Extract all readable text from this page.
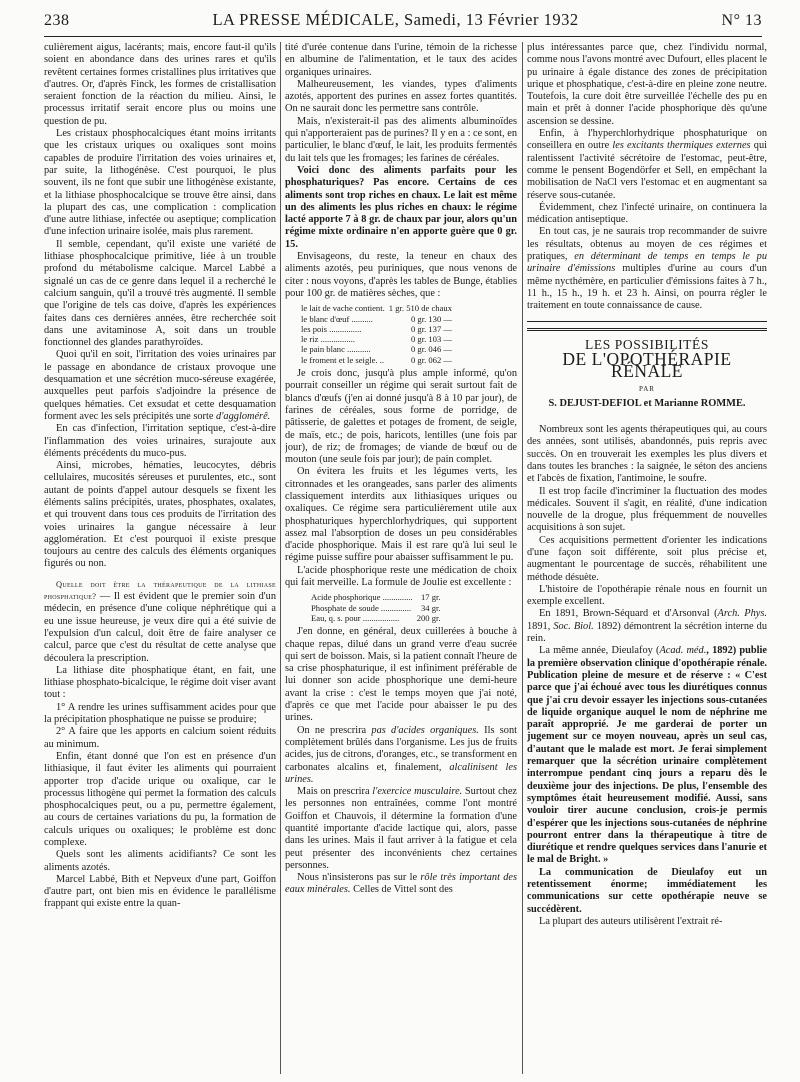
238	LA PRESSE MÉDICALE, Samedi, 13 Février 1932	N° 13

culièrement aigus, lacérants; mais, encore faut-il qu'ils soient en abondance dans des urines rares et qu'ils revêtent certaines formes cristallines plus irritatives que d'autres. Or, d'après Finck, les formes de cristallisation seraient fonction de la réaction du milieu. Ainsi, le processus irritatif serait encore plus ou moins une question de pu.

Les cristaux phosphocalciques étant moins irritants que les cristaux uriques ou oxaliques sont moins capables de produire l'irritation des voies urinaires et, par suite, la lithogénèse. C'est pourquoi, le plus souvent, ils ne font que subir une lithogénèse existante, et la lithiase phosphocalcique se trouve être ainsi, dans la plupart des cas, une complication : complication d'une autre lithiase, infectée ou aseptique; complication d'une infection urinaire isolée, mais plus rarement.

Il semble, cependant, qu'il existe une variété de lithiase phosphocalcique primitive, liée à un trouble profond du métabolisme calcique. Marcel Labbé a signalé un cas de ce genre dans lequel il a recherché le calcium sanguin, qu'il a trouvé très augmenté. Il semble que l'origine de tels cas doive, d'après les expériences faites dans ces dernières années, être recherchée soit dans une avitaminose A, soit dans un trouble fonctionnel des glandes parathyroïdes.

Quoi qu'il en soit, l'irritation des voies urinaires par le passage en abondance de cristaux provoque une desquamation et une sécrétion muco-séreuse exagérée, auxquelles peut parfois s'adjoindre la présence de quelques hématies. Cet exsudat et cette desquamation forment avec les sels précipités une sorte d'agglomérê.

En cas d'infection, l'irritation septique, c'est-à-dire l'inflammation des voies urinaires, surajoute aux éléments précédents du muco-pus.

Ainsi, microbes, hématies, leucocytes, débris cellulaires, mucosités séreuses et purulentes, etc., sont autant de points d'appel autour desquels se fixent les éléments salins précipités, urates, phosphates, oxalates, et qui trouvent dans tous ces produits de l'irritation des voies urinaires la gangue nécessaire à leur agglomération. Et c'est pourquoi il existe presque toujours au centre des calculs des éléments organiques figurés ou non.

Quelle doit être la thérapeutique de la lithiase phosphatique? — Il est évident que le premier soin d'un médecin, en présence d'une colique néphrétique qui a eu une issue heureuse, je veux dire qui a été suivie de l'expulsion d'un calcul, doit être de faire analyser ce calcul, parce que c'est du résultat de cette analyse que découlera la prescription.

La lithiase dite phosphatique étant, en fait, une lithiase phosphato-bicalcique, le régime doit viser avant tout :

1° A rendre les urines suffisamment acides pour que la précipitation phosphatique ne puisse se produire;

2° A faire que les apports en calcium soient réduits au minimum.

Enfin, étant donné que l'on est en présence d'un lithiasique, il faut éviter les aliments qui pourraient apporter trop d'acide urique ou oxalique, car le processus lithogène qui permet la formation des calculs phosphocalciques peut, ou a pu, permettre également, au cours de certaines variations du pu, la formation de calculs uriques ou oxaliques; le problème est donc complexe.

Quels sont les aliments acidifiants? Ce sont les aliments azotés.

Marcel Labbé, Bith et Nepveux d'une part, Goiffon d'autre part, ont bien mis en évidence le parallélisme frappant qui existe entre la quan-

tité d'urée contenue dans l'urine, témoin de la richesse en albumine de l'alimentation, et le taux des acides organiques urinaires.

Malheureusement, les viandes, types d'aliments azotés, apportent des purines en assez fortes quantités. On ne saurait donc les permettre sans contrôle.

Mais, n'existerait-il pas des aliments albuminoïdes qui n'apporteraient pas de purines? Il y en a : ce sont, en particulier, le blanc d'œuf, le lait, les produits fermentés du lait tels que les fromages; les farines de céréales.

Voici donc des aliments parfaits pour les phosphaturiques? Pas encore. Certains de ces aliments sont trop riches en chaux. Le lait est même un des aliments les plus riches en chaux: le régime lacté apporte 7 à 8 gr. de chaux par jour, alors qu'un régime mixte ordinaire n'en apporte guère que 0 gr. 15.

Envisageons, du reste, la teneur en chaux des aliments azotés, peu puriniques, que nous venons de citer : nous voyons, d'après les tables de Bunge, établies pour 100 gr. de matières sèches, que :

le lait de vache contient.	1 gr. 510 de chaux
le blanc d'œuf ..........	0 gr. 130 —
les pois ...............	0 gr. 137 —
le riz ................	0 gr. 103 —
le pain blanc ...........	0 gr. 046 —
le froment et le seigle. ..	0 gr. 062 —

Je crois donc, jusqu'à plus ample informé, qu'on pourrait conseiller un régime qui serait surtout fait de blancs d'œufs (j'en ai donné jusqu'à 8 à 10 par jour), de farines de céréales, sous forme de porridge, de pâtisserie, de galettes et potages de froment, de seigle, de maïs, etc.; de pois, haricots, lentilles (une fois par jour), de riz; de fromages; de viande de bœuf ou de mouton (une seule fois par jour); de pain complet.

On évitera les fruits et les légumes verts, les citronnades et les orangeades, sans parler des aliments classiquement interdits aux lithiasiques uriques ou oxaliques. Ce régime sera particulièrement utile aux phosphaturiques hyperchlorhydriques, qui supportent assez mal l'absorption de doses un peu considérables d'acide phosphorique. Mais il est rare qu'à lui seul le régime puisse suffire pour abaisser suffisamment le pu.

L'acide phosphorique reste une médication de choix qui fait merveille. La formule de Joulie est excellente :

Acide phosphorique ..............	17 gr.
Phosphate de soude ..............	34 gr.
Eau, q. s. pour .................	200 gr.

J'en donne, en général, deux cuillerées à bouche à chaque repas, dilué dans un grand verre d'eau sucrée qui sert de boisson. Mais, si la patient connaît l'heure de sa crise phosphaturique, il est infiniment préférable de lui donner son acide phosphorique une demi-heure avant la crise : c'est le temps moyen que j'ai noté, d'après ce que met l'acide pour abaisser le pu des urines.

On ne prescrira pas d'acides organiques. Ils sont complètement brûlés dans l'organisme. Les jus de fruits acides, jus de citrons, d'oranges, etc., se transforment en carbonates alcalins et, finalement, alcalinisent les urines.

Mais on prescrira l'exercice musculaire. Surtout chez les personnes non entraînées, comme l'ont montré Goiffon et Chauvois, il détermine la formation d'une quantité importante d'acide lactique qui, alors, passe dans les urines. Mais il faut arriver à la fatigue et cela peut présenter des inconvénients chez certaines personnes.

Nous n'insisterons pas sur le rôle très important des eaux minérales. Celles de Vittel sont des

plus intéressantes parce que, chez l'individu normal, comme nous l'avons montré avec Dufourt, elles placent le pu urinaire à égale distance des zones de précipitation urique et phosphatique, c'est-à-dire en pleine zone neutre. Toutefois, la cure doit être surveillée l'échelle des pu en main et prêt à donner l'acide phosphorique dès qu'une ascension se dessine.

Enfin, à l'hyperchlorhydrique phosphaturique on conseillera en outre les excitants thermiques externes qui ralentissent l'activité sécrétoire de l'estomac, peut-être, comme le pensent Bogendörfer et Sell, en empêchant la mobilisation de NaCl vers l'estomac et en augmentant sa réserve sous-cutanée.

Évidemment, chez l'infecté urinaire, on continuera la médication antiseptique.

En tout cas, je ne saurais trop recommander de suivre les résultats, obtenus au moyen de ces régimes et pratiques, en déterminant de temps en temps le pu urinaire d'émissions multiples d'urine au cours d'un même nycthémère, en particulier d'émissions faites à 7 h., 11 h., 15 h., 19 h. et 23 h. Ainsi, on pourra régler le traitement en toute connaissance de cause.

LES POSSIBILITÉS
DE L'OPOTHÉRAPIE RÉNALE
PAR
S. DEJUST-DEFIOL et Marianne ROMME.

Nombreux sont les agents thérapeutiques qui, au cours des années, sont utilisés, abandonnés, puis repris avec succès. On en trouverait les exemples les plus divers et dans toutes les branches : la saignée, le séton des anciens et l'abcès de fixation, l'antimoine, le soufre.

Il est trop facile d'incriminer la fluctuation des modes médicales. Souvent il s'agit, en réalité, d'une indication nouvelle de la drogue, plus fréquemment de nouvelles acquisitions à son sujet.

Ces acquisitions permettent d'orienter les indications d'une façon soit différente, soit plus précise et, augmentant le pourcentage de succès, réhabilitent une méthode désuète.

L'histoire de l'opothérapie rénale nous en fournit un exemple excellent.

En 1891, Brown-Séquard et d'Arsonval (Arch. Phys. 1891, Soc. Biol. 1892) démontrent la sécrétion interne du rein.

La même année, Dieulafoy (Acad. méd., 1892) publie la première observation clinique d'opothérapie rénale. Publication pleine de mesure et de réserve : « C'est parce que j'ai échoué avec tous les diurétiques connus que j'ai cru devoir essayer les injections sous-cutanées de liquide organique auquel le nom de néphrine me paraît approprié. Je me garderai de porter un jugement sur ce moyen nouveau, après un seul cas, d'autant que le malade est mort. Je ferai simplement remarquer que la sécrétion urinaire complètement interrompue pendant cinq jours a reparu dès le deuxième jour des injections. De plus, l'ensemble des symptômes était heureusement modifié. Aussi, sans vouloir tirer aucune conclusion, crois-je permis d'espérer que les injections sous-cutanées de néphrine pourront entrer dans la thérapeutique à titre de diurétique et rendre quelques services dans l'anurie et le mal de Bright. »

La communication de Dieulafoy eut un retentissement énorme; immédiatement les communications sur cette opothérapie neuve se succédèrent.

La plupart des auteurs utilisèrent l'extrait ré-
